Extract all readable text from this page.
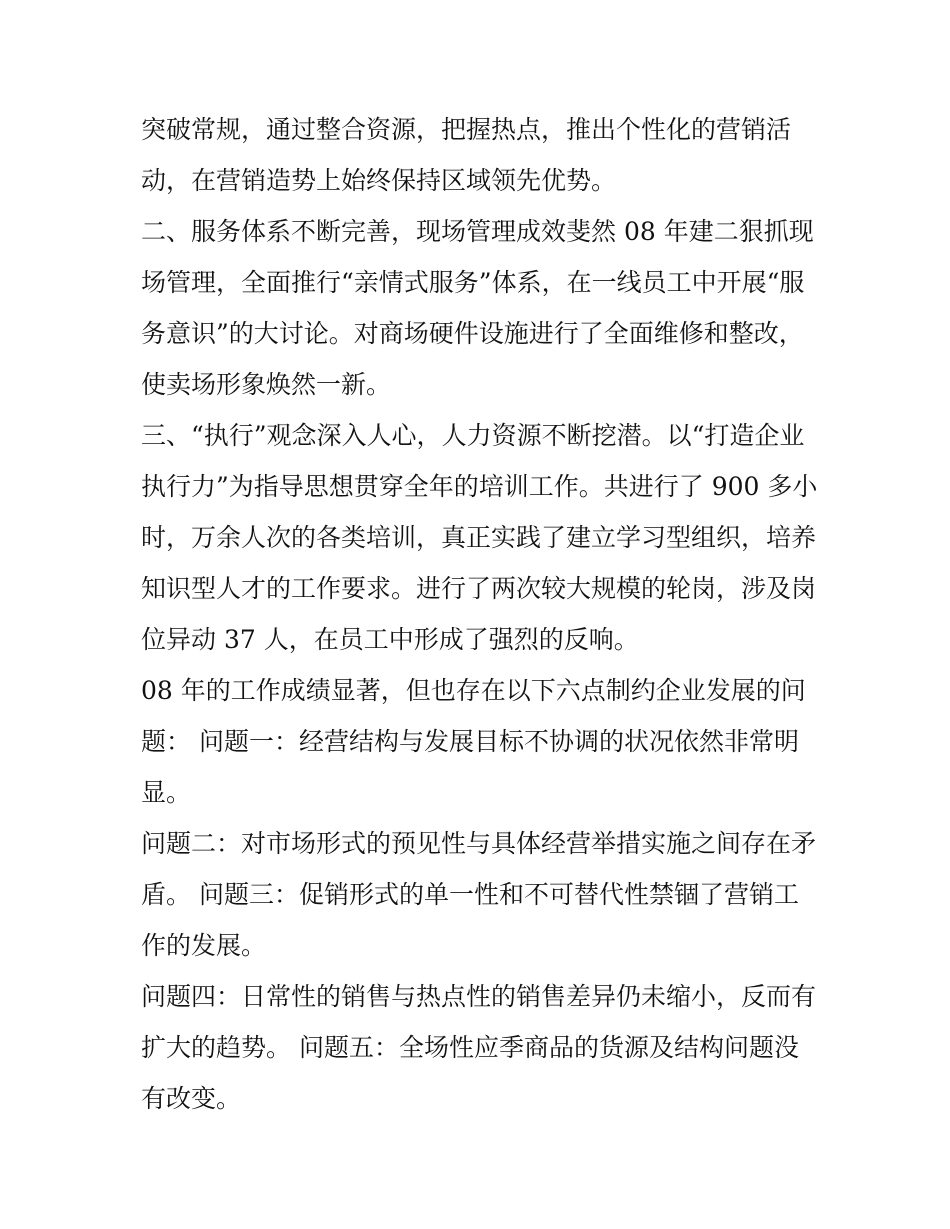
突破常规，通过整合资源，把握热点，推出个性化的营销活
动，在营销造势上始终保持区域领先优势。

二、服务体系不断完善，现场管理成效斐然 08 年建二狠抓现
场管理，全面推行“亲情式服务”体系，在一线员工中开展“服
务意识”的大讨论。对商场硬件设施进行了全面维修和整改，
使卖场形象焕然一新。

三、“执行”观念深入人心，人力资源不断挖潜。以“打造企业
执行力”为指导思想贯穿全年的培训工作。共进行了 900 多小
时，万余人次的各类培训，真正实践了建立学习型组织，培养
知识型人才的工作要求。进行了两次较大规模的轮岗，涉及岗
位异动 37 人，在员工中形成了强烈的反响。

08 年的工作成绩显著，但也存在以下六点制约企业发展的问
题： 问题一：经营结构与发展目标不协调的状况依然非常明
显。

问题二：对市场形式的预见性与具体经营举措实施之间存在矛
盾。 问题三：促销形式的单一性和不可替代性禁锢了营销工
作的发展。

问题四：日常性的销售与热点性的销售差异仍未缩小，反而有
扩大的趋势。 问题五：全场性应季商品的货源及结构问题没
有改变。
